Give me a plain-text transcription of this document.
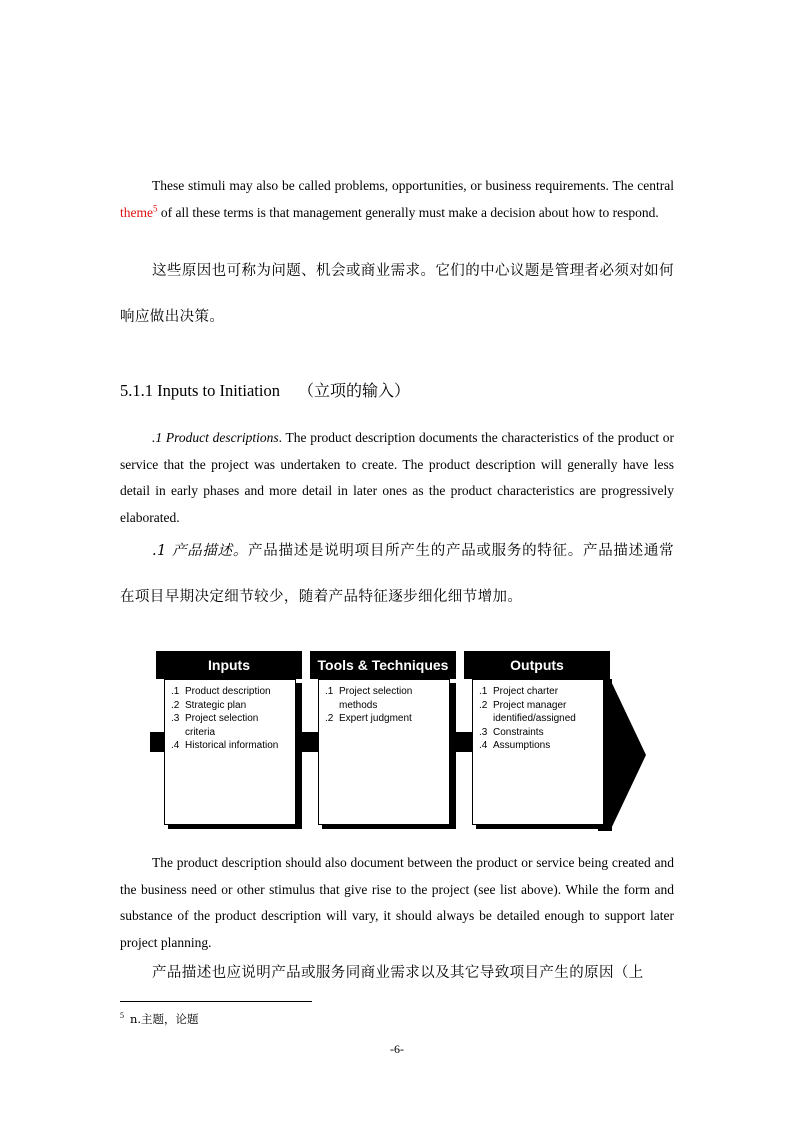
These stimuli may also be called problems, opportunities, or business requirements. The central theme$^5$ of all these terms is that management generally must make a decision about how to respond.
这些原因也可称为问题、机会或商业需求。它们的中心议题是管理者必须对如何响应做出决策。
5.1.1 Inputs to Initiation （立项的输入）
.1 Product descriptions. The product description documents the characteristics of the product or service that the project was undertaken to create. The product description will generally have less detail in early phases and more detail in later ones as the product characteristics are progressively elaborated.
.1 产品描述。产品描述是说明项目所产生的产品或服务的特征。产品描述通常在项目早期决定细节较少，随着产品特征逐步细化细节增加。
Inputs
.1 Product description
.2 Strategic plan
.3 Project selection criteria
.4 Historical information
Tools & Techniques
.1 Project selection methods
.2 Expert judgment
Outputs
.1 Project charter
.2 Project manager identified/assigned
.3 Constraints
.4 Assumptions
The product description should also document between the product or service being created and the business need or other stimulus that give rise to the project (see list above). While the form and substance of the product description will vary, it should always be detailed enough to support later project planning.
产品描述也应说明产品或服务同商业需求以及其它导致项目产生的原因（上
$^5$ n.主题，论题
-6-
